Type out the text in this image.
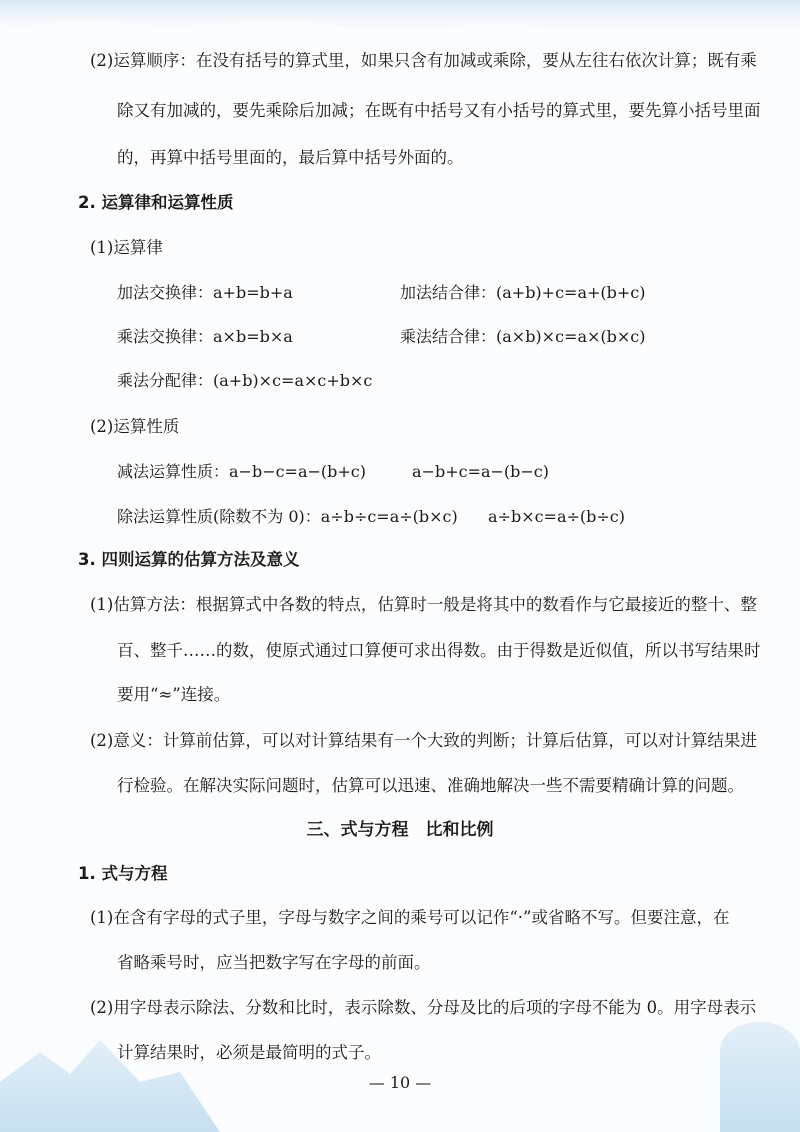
(2)运算顺序：在没有括号的算式里，如果只含有加减或乘除，要从左往右依次计算；既有乘
除又有加减的，要先乘除后加减；在既有中括号又有小括号的算式里，要先算小括号里面
的，再算中括号里面的，最后算中括号外面的。
2. 运算律和运算性质
(1)运算律
加法交换律：a+b=b+a	加法结合律：(a+b)+c=a+(b+c)
乘法交换律：a×b=b×a	乘法结合律：(a×b)×c=a×(b×c)
乘法分配律：(a+b)×c=a×c+b×c
(2)运算性质
减法运算性质：a−b−c=a−(b+c)	a−b+c=a−(b−c)
除法运算性质(除数不为 0)：a÷b÷c=a÷(b×c) a÷b×c=a÷(b÷c)
3. 四则运算的估算方法及意义
(1)估算方法：根据算式中各数的特点，估算时一般是将其中的数看作与它最接近的整十、整
百、整千……的数，使原式通过口算便可求出得数。由于得数是近似值，所以书写结果时
要用“≈”连接。
(2)意义：计算前估算，可以对计算结果有一个大致的判断；计算后估算，可以对计算结果进
行检验。在解决实际问题时，估算可以迅速、准确地解决一些不需要精确计算的问题。
三、式与方程　比和比例
1. 式与方程
(1)在含有字母的式子里，字母与数字之间的乘号可以记作“·”或省略不写。但要注意，在
省略乘号时，应当把数字写在字母的前面。
(2)用字母表示除法、分数和比时，表示除数、分母及比的后项的字母不能为 0。用字母表示
计算结果时，必须是最简明的式子。
— 10 —
